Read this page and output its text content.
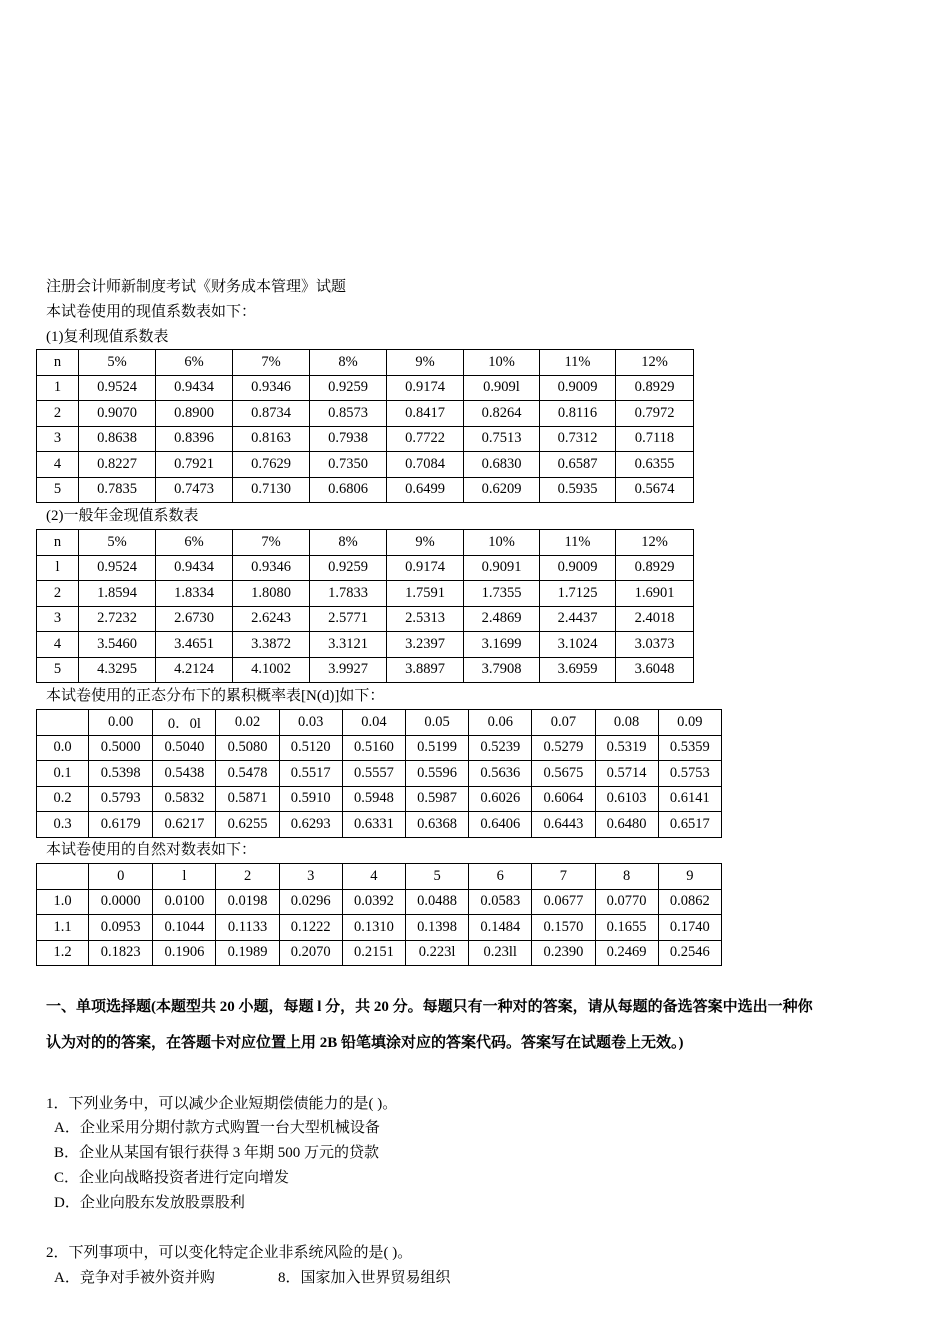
注册会计师新制度考试《财务成本管理》试题
本试卷使用的现值系数表如下：
(1)复利现值系数表
n	5%	6%	7%	8%	9%	10%	11%	12%
1	0.9524	0.9434	0.9346	0.9259	0.9174	0.909l	0.9009	0.8929
2	0.9070	0.8900	0.8734	0.8573	0.8417	0.8264	0.8116	0.7972
3	0.8638	0.8396	0.8163	0.7938	0.7722	0.7513	0.7312	0.7118
4	0.8227	0.7921	0.7629	0.7350	0.7084	0.6830	0.6587	0.6355
5	0.7835	0.7473	0.7130	0.6806	0.6499	0.6209	0.5935	0.5674
(2)一般年金现值系数表
n	5%	6%	7%	8%	9%	10%	11%	12%
l	0.9524	0.9434	0.9346	0.9259	0.9174	0.9091	0.9009	0.8929
2	1.8594	1.8334	1.8080	1.7833	1.7591	1.7355	1.7125	1.6901
3	2.7232	2.6730	2.6243	2.5771	2.5313	2.4869	2.4437	2.4018
4	3.5460	3.4651	3.3872	3.3121	3.2397	3.1699	3.1024	3.0373
5	4.3295	4.2124	4.1002	3.9927	3.8897	3.7908	3.6959	3.6048
本试卷使用的正态分布下的累积概率表[N(d)]如下：
	0.00	0．0l	0.02	0.03	0.04	0.05	0.06	0.07	0.08	0.09
0.0	0.5000	0.5040	0.5080	0.5120	0.5160	0.5199	0.5239	0.5279	0.5319	0.5359
0.1	0.5398	0.5438	0.5478	0.5517	0.5557	0.5596	0.5636	0.5675	0.5714	0.5753
0.2	0.5793	0.5832	0.5871	0.5910	0.5948	0.5987	0.6026	0.6064	0.6103	0.6141
0.3	0.6179	0.6217	0.6255	0.6293	0.6331	0.6368	0.6406	0.6443	0.6480	0.6517
本试卷使用的自然对数表如下：
	0	l	2	3	4	5	6	7	8	9
1.0	0.0000	0.0100	0.0198	0.0296	0.0392	0.0488	0.0583	0.0677	0.0770	0.0862
1.1	0.0953	0.1044	0.1133	0.1222	0.1310	0.1398	0.1484	0.1570	0.1655	0.1740
1.2	0.1823	0.1906	0.1989	0.2070	0.2151	0.223l	0.23ll	0.2390	0.2469	0.2546
一、单项选择题(本题型共 20 小题，每题 l 分，共 20 分。每题只有一种对的答案，请从每题的备选答案中选出一种你
认为对的的答案，在答题卡对应位置上用 2B 铅笔填涂对应的答案代码。答案写在试题卷上无效。)
1．下列业务中，可以减少企业短期偿债能力的是( )。
A．企业采用分期付款方式购置一台大型机械设备
B．企业从某国有银行获得 3 年期 500 万元的贷款
C．企业向战略投资者进行定向增发
D．企业向股东发放股票股利
2．下列事项中，可以变化特定企业非系统风险的是( )。
A．竞争对手被外资并购	8．国家加入世界贸易组织
